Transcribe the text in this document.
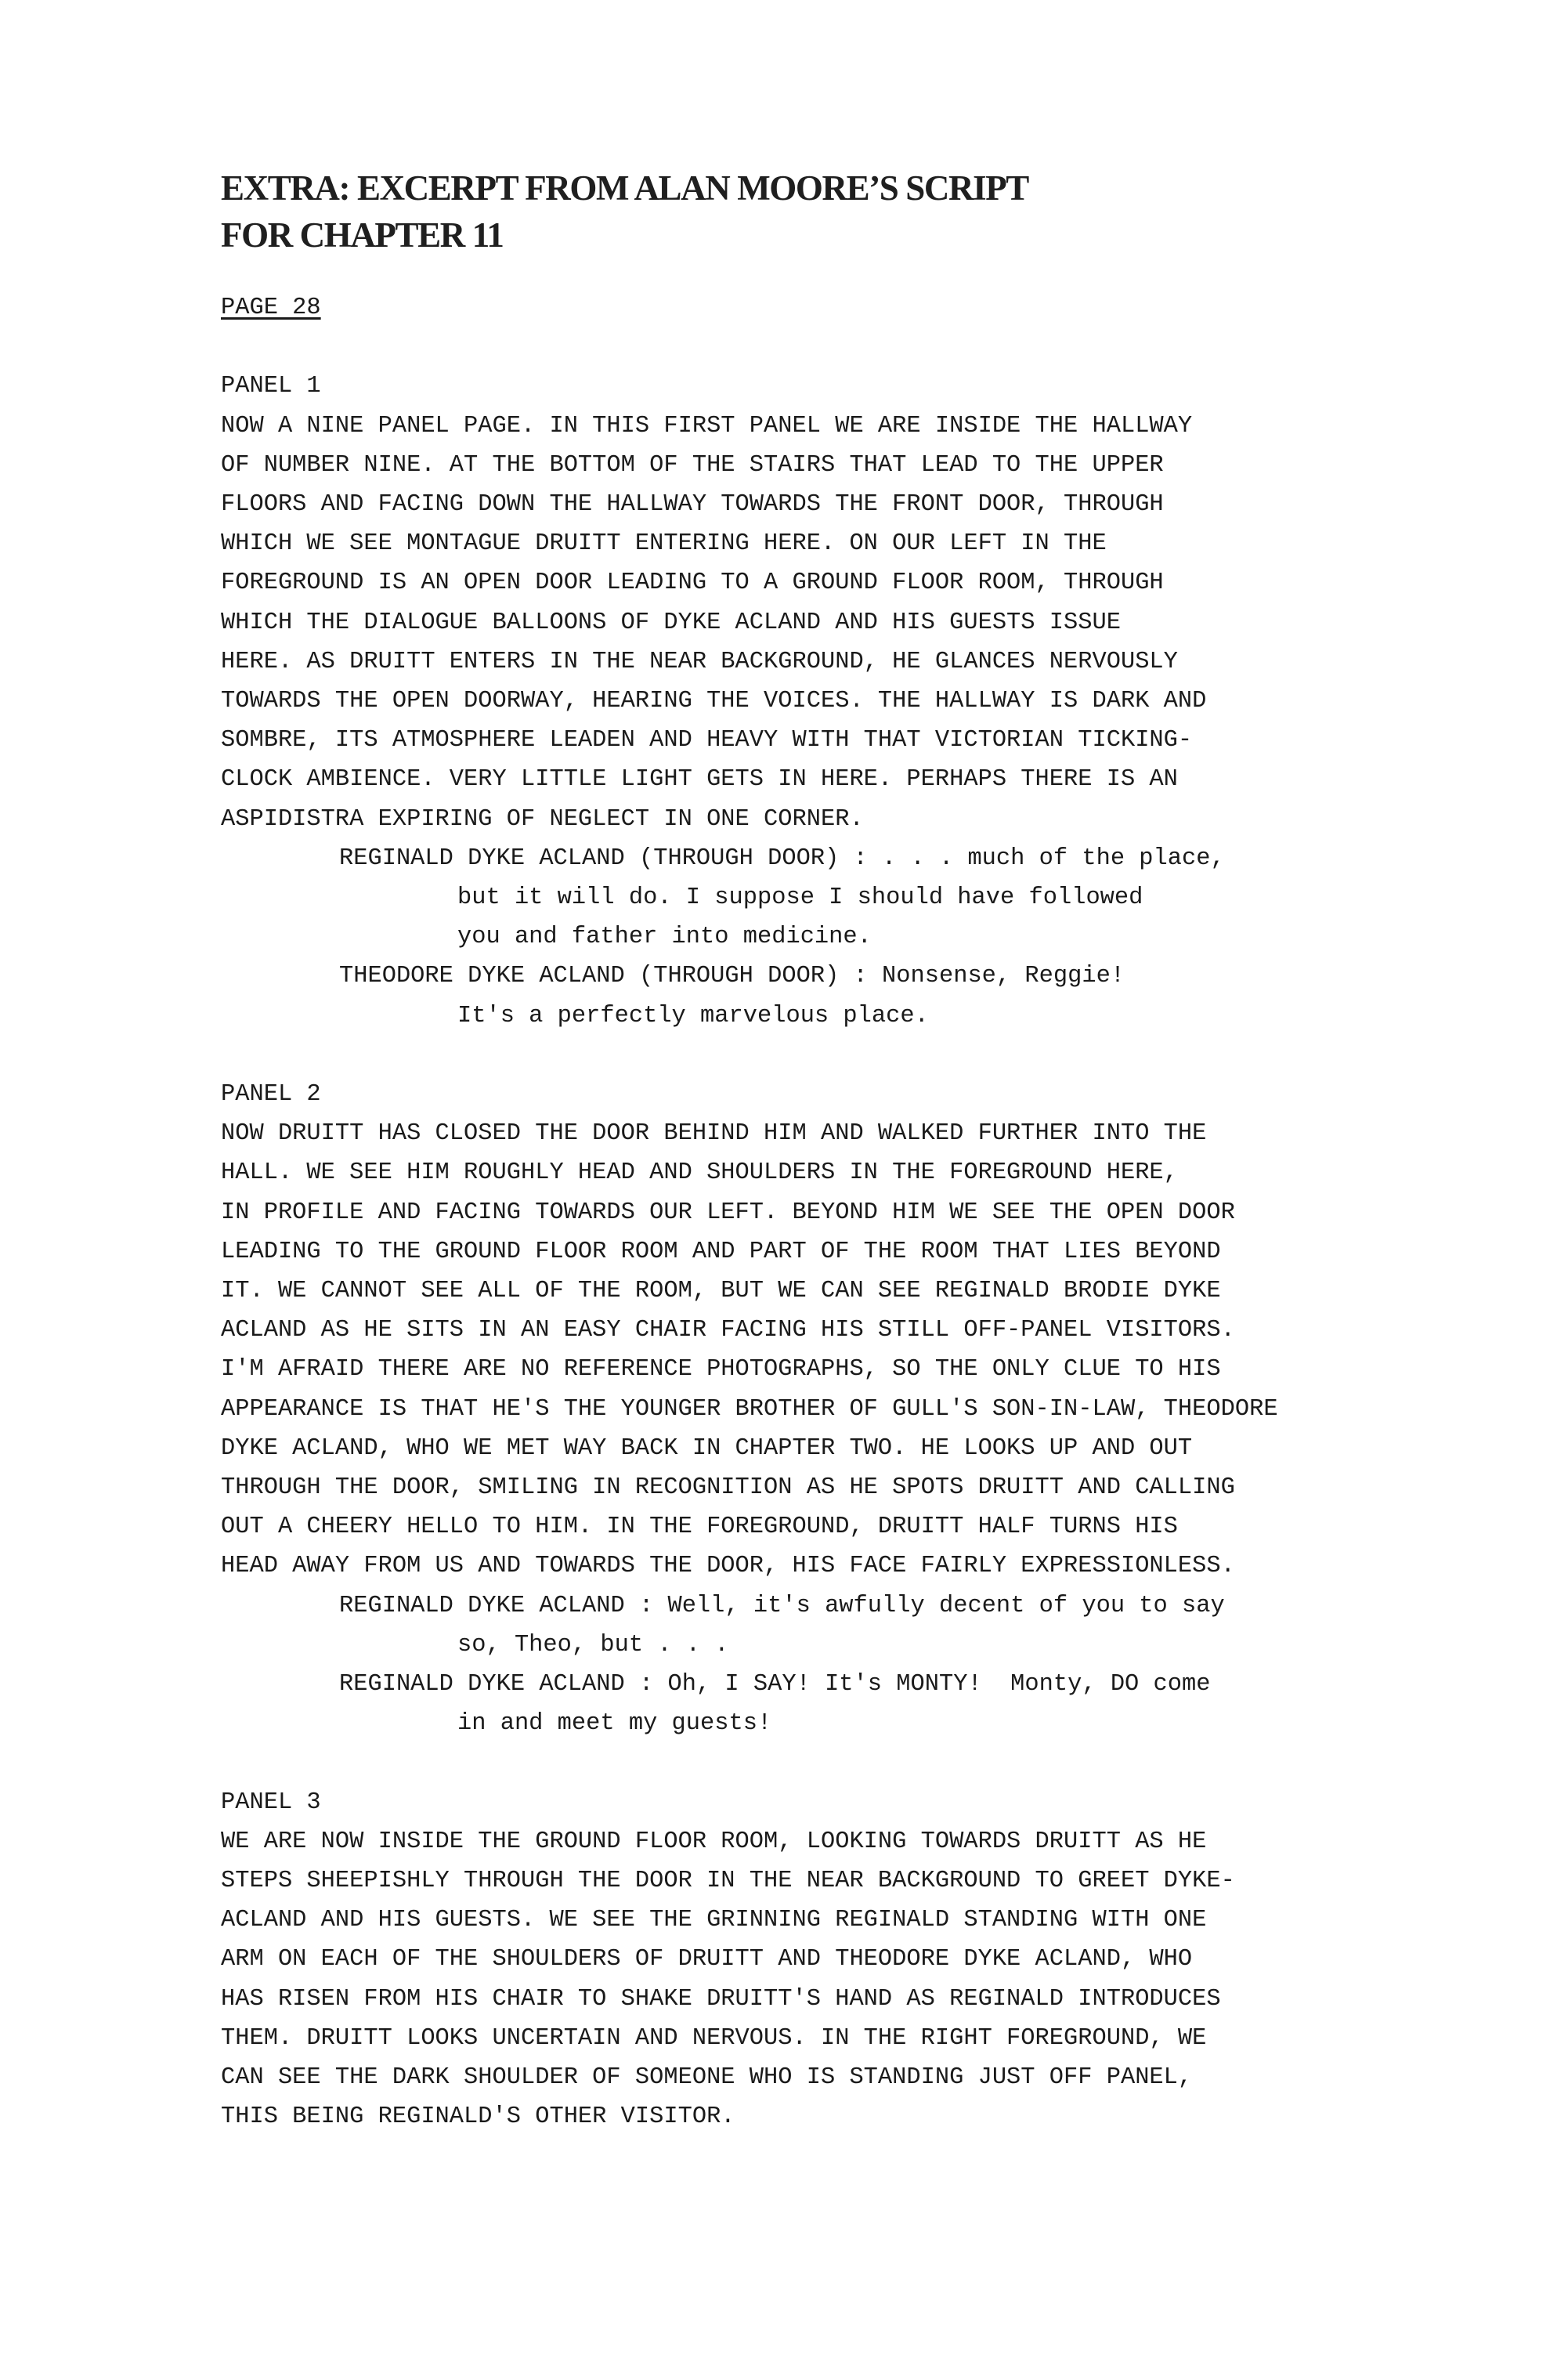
EXTRA: EXCERPT FROM ALAN MOORE’S SCRIPT
FOR CHAPTER 11
PAGE 28
PANEL 1
NOW A NINE PANEL PAGE. IN THIS FIRST PANEL WE ARE INSIDE THE HALLWAY
OF NUMBER NINE. AT THE BOTTOM OF THE STAIRS THAT LEAD TO THE UPPER
FLOORS AND FACING DOWN THE HALLWAY TOWARDS THE FRONT DOOR, THROUGH
WHICH WE SEE MONTAGUE DRUITT ENTERING HERE. ON OUR LEFT IN THE
FOREGROUND IS AN OPEN DOOR LEADING TO A GROUND FLOOR ROOM, THROUGH
WHICH THE DIALOGUE BALLOONS OF DYKE ACLAND AND HIS GUESTS ISSUE
HERE. AS DRUITT ENTERS IN THE NEAR BACKGROUND, HE GLANCES NERVOUSLY
TOWARDS THE OPEN DOORWAY, HEARING THE VOICES. THE HALLWAY IS DARK AND
SOMBRE, ITS ATMOSPHERE LEADEN AND HEAVY WITH THAT VICTORIAN TICKING-
CLOCK AMBIENCE. VERY LITTLE LIGHT GETS IN HERE. PERHAPS THERE IS AN
ASPIDISTRA EXPIRING OF NEGLECT IN ONE CORNER.
REGINALD DYKE ACLAND (THROUGH DOOR) : . . . much of the place,
but it will do. I suppose I should have followed
you and father into medicine.
THEODORE DYKE ACLAND (THROUGH DOOR) : Nonsense, Reggie!
It's a perfectly marvelous place.
PANEL 2
NOW DRUITT HAS CLOSED THE DOOR BEHIND HIM AND WALKED FURTHER INTO THE
HALL. WE SEE HIM ROUGHLY HEAD AND SHOULDERS IN THE FOREGROUND HERE,
IN PROFILE AND FACING TOWARDS OUR LEFT. BEYOND HIM WE SEE THE OPEN DOOR
LEADING TO THE GROUND FLOOR ROOM AND PART OF THE ROOM THAT LIES BEYOND
IT. WE CANNOT SEE ALL OF THE ROOM, BUT WE CAN SEE REGINALD BRODIE DYKE
ACLAND AS HE SITS IN AN EASY CHAIR FACING HIS STILL OFF-PANEL VISITORS.
I'M AFRAID THERE ARE NO REFERENCE PHOTOGRAPHS, SO THE ONLY CLUE TO HIS
APPEARANCE IS THAT HE'S THE YOUNGER BROTHER OF GULL'S SON-IN-LAW, THEODORE
DYKE ACLAND, WHO WE MET WAY BACK IN CHAPTER TWO. HE LOOKS UP AND OUT
THROUGH THE DOOR, SMILING IN RECOGNITION AS HE SPOTS DRUITT AND CALLING
OUT A CHEERY HELLO TO HIM. IN THE FOREGROUND, DRUITT HALF TURNS HIS
HEAD AWAY FROM US AND TOWARDS THE DOOR, HIS FACE FAIRLY EXPRESSIONLESS.
REGINALD DYKE ACLAND : Well, it's awfully decent of you to say
so, Theo, but . . .
REGINALD DYKE ACLAND : Oh, I SAY! It's MONTY!  Monty, DO come
in and meet my guests!
PANEL 3
WE ARE NOW INSIDE THE GROUND FLOOR ROOM, LOOKING TOWARDS DRUITT AS HE
STEPS SHEEPISHLY THROUGH THE DOOR IN THE NEAR BACKGROUND TO GREET DYKE-
ACLAND AND HIS GUESTS. WE SEE THE GRINNING REGINALD STANDING WITH ONE
ARM ON EACH OF THE SHOULDERS OF DRUITT AND THEODORE DYKE ACLAND, WHO
HAS RISEN FROM HIS CHAIR TO SHAKE DRUITT'S HAND AS REGINALD INTRODUCES
THEM. DRUITT LOOKS UNCERTAIN AND NERVOUS. IN THE RIGHT FOREGROUND, WE
CAN SEE THE DARK SHOULDER OF SOMEONE WHO IS STANDING JUST OFF PANEL,
THIS BEING REGINALD'S OTHER VISITOR.
